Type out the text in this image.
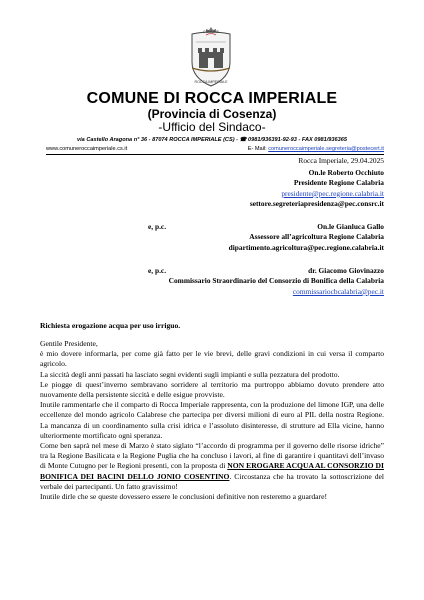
COMUNE
ROCCA IMPERIALE
COMUNE DI ROCCA IMPERIALE
(Provincia di Cosenza)
-Ufficio del Sindaco-
via Castello Aragona n° 36 - 87074 ROCCA IMPERIALE (CS) - ☎ 0981/936391-92-93 - FAX 0981/936365
www.comuneroccaimperiale.cs.it	E- Mail: comuneroccaimperiale.segreteria@postecert.it
Rocca Imperiale, 29.04.2025
On.le Roberto Occhiuto
Presidente Regione Calabria
presidente@pec.regione.calabria.it
settore.segreteriapresidenza@pec.consrc.it
e, p.c.	On.le Gianluca Gallo
Assessore all’agricoltura Regione Calabria
dipartimento.agricoltura@pec.regione.calabria.it
e, p.c.	dr. Giacomo Giovinazzo
Commissario Straordinario del Consorzio di Bonifica della Calabria
commissariocbcalabria@pec.it
Richiesta erogazione acqua per uso irriguo.

Gentile Presidente,

è mio dovere informarla, per come già fatto per le vie brevi, delle gravi condizioni in cui versa il comparto agricolo.

La siccità degli anni passati ha lasciato segni evidenti sugli impianti e sulla pezzatura del prodotto.

Le piogge di quest’inverno sembravano sorridere al territorio ma purtroppo abbiamo dovuto prendere atto nuovamente della persistente siccità e delle esigue provviste.

Inutile rammentarle che il comparto di Rocca Imperiale rappresenta, con la produzione del limone IGP, una delle eccellenze del mondo agricolo Calabrese che partecipa per diversi milioni di euro al PIL della nostra Regione. La mancanza di un coordinamento sulla crisi idrica e l’assoluto disinteresse, di strutture ad Ella vicine, hanno ulteriormente mortificato ogni speranza.

Come ben saprà nel mese di Marzo è stato siglato “l’accordo di programma per il governo delle risorse idriche” tra la Regione Basilicata e la Regione Puglia che ha concluso i lavori, al fine di garantire i quantitavi dell’invaso di Monte Cutugno per le Regioni presenti, con la proposta di NON EROGARE ACQUA AL CONSORZIO DI BONIFICA DEI BACINI DELLO JONIO COSENTINO. Circostanza che ha trovato la sottoscrizione del verbale dei partecipanti. Un fatto gravissimo!

Inutile dirle che se queste dovessero essere le conclusioni definitive non resteremo a guardare!
